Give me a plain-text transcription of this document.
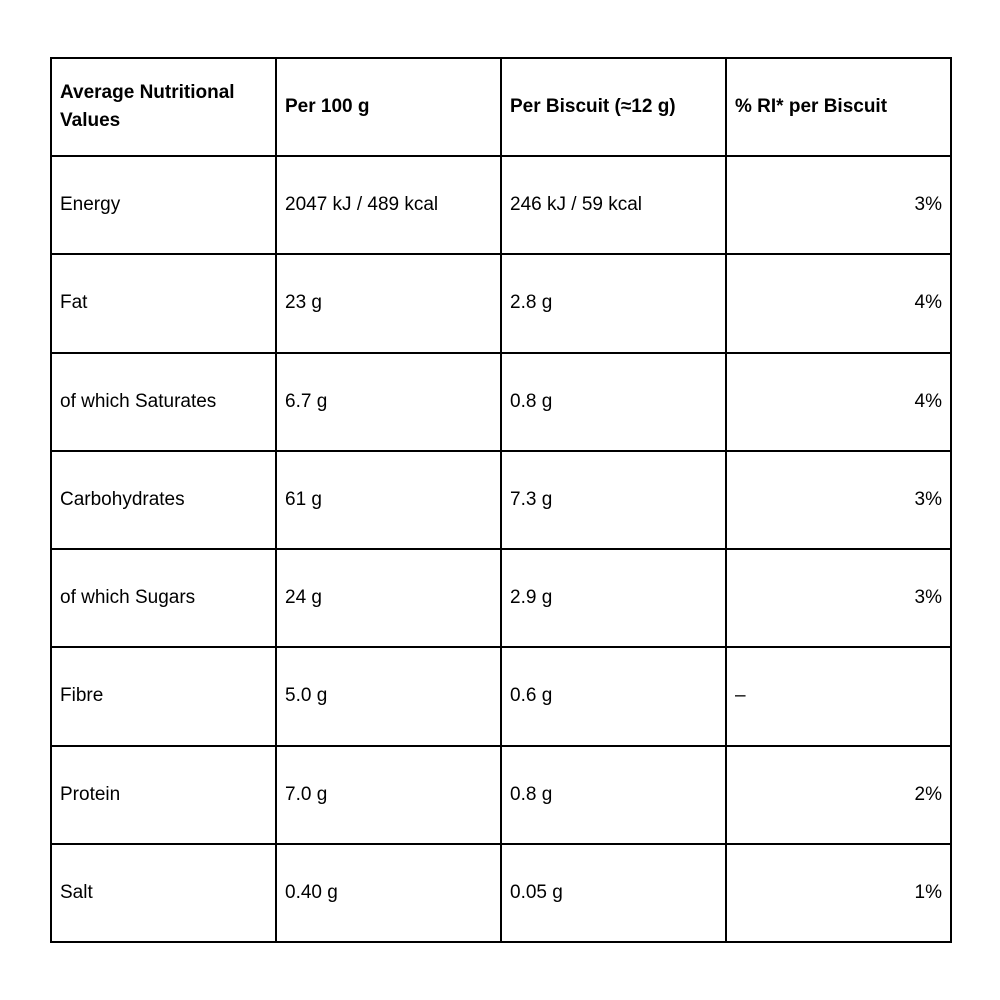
Average Nutritional Values	Per 100 g	Per Biscuit (≈12 g)	% RI* per Biscuit
Energy	2047 kJ / 489 kcal	246 kJ / 59 kcal	3%
Fat	23 g	2.8 g	4%
of which Saturates	6.7 g	0.8 g	4%
Carbohydrates	61 g	7.3 g	3%
of which Sugars	24 g	2.9 g	3%
Fibre	5.0 g	0.6 g	–
Protein	7.0 g	0.8 g	2%
Salt	0.40 g	0.05 g	1%
